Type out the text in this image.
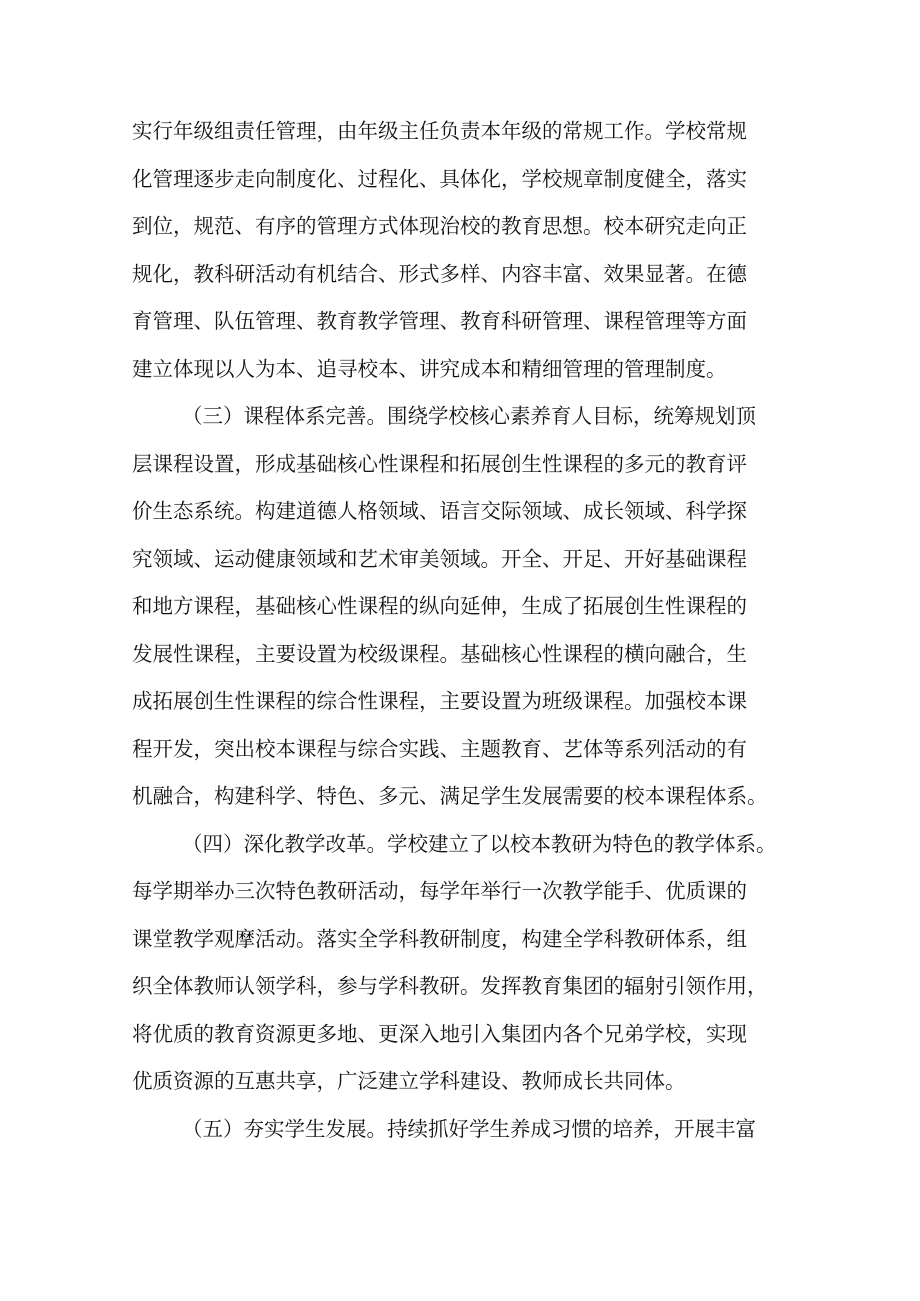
实行年级组责任管理，由年级主任负责本年级的常规工作。学校常规
化管理逐步走向制度化、过程化、具体化，学校规章制度健全，落实
到位，规范、有序的管理方式体现治校的教育思想。校本研究走向正
规化，教科研活动有机结合、形式多样、内容丰富、效果显著。在德
育管理、队伍管理、教育教学管理、教育科研管理、课程管理等方面
建立体现以人为本、追寻校本、讲究成本和精细管理的管理制度。
（三）课程体系完善。围绕学校核心素养育人目标，统筹规划顶
层课程设置，形成基础核心性课程和拓展创生性课程的多元的教育评
价生态系统。构建道德人格领域、语言交际领域、成长领域、科学探
究领域、运动健康领域和艺术审美领域。开全、开足、开好基础课程
和地方课程，基础核心性课程的纵向延伸，生成了拓展创生性课程的
发展性课程，主要设置为校级课程。基础核心性课程的横向融合，生
成拓展创生性课程的综合性课程，主要设置为班级课程。加强校本课
程开发，突出校本课程与综合实践、主题教育、艺体等系列活动的有
机融合，构建科学、特色、多元、满足学生发展需要的校本课程体系。
（四）深化教学改革。学校建立了以校本教研为特色的教学体系。
每学期举办三次特色教研活动，每学年举行一次教学能手、优质课的
课堂教学观摩活动。落实全学科教研制度，构建全学科教研体系，组
织全体教师认领学科，参与学科教研。发挥教育集团的辐射引领作用，
将优质的教育资源更多地、更深入地引入集团内各个兄弟学校，实现
优质资源的互惠共享，广泛建立学科建设、教师成长共同体。
（五）夯实学生发展。持续抓好学生养成习惯的培养，开展丰富
